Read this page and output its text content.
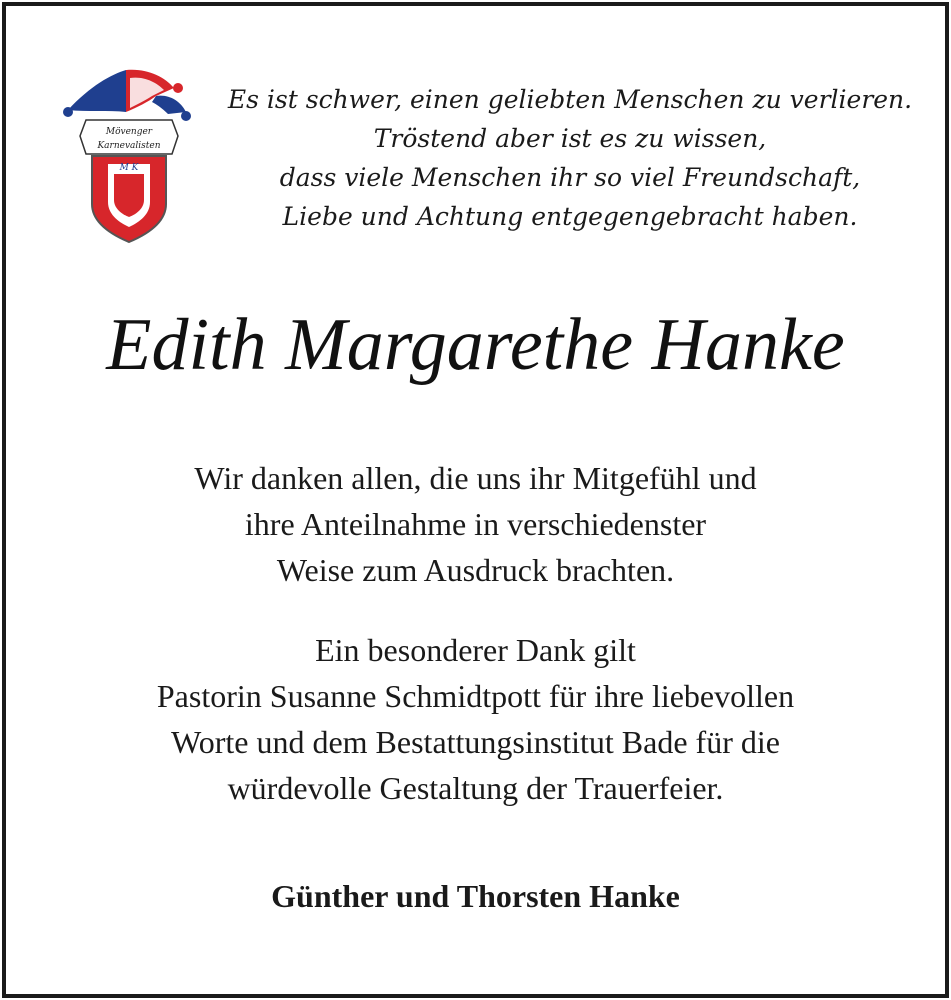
Mövenger
Karnevalisten
M K
Es ist schwer, einen geliebten Menschen zu verlieren.
Tröstend aber ist es zu wissen,
dass viele Menschen ihr so viel Freundschaft,
Liebe und Achtung entgegengebracht haben.
Edith Margarethe Hanke
Wir danken allen, die uns ihr Mitgefühl und
ihre Anteilnahme in verschiedenster
Weise zum Ausdruck brachten.
Ein besonderer Dank gilt
Pastorin Susanne Schmidtpott für ihre liebevollen
Worte und dem Bestattungsinstitut Bade für die
würdevolle Gestaltung der Trauerfeier.
Günther und Thorsten Hanke
